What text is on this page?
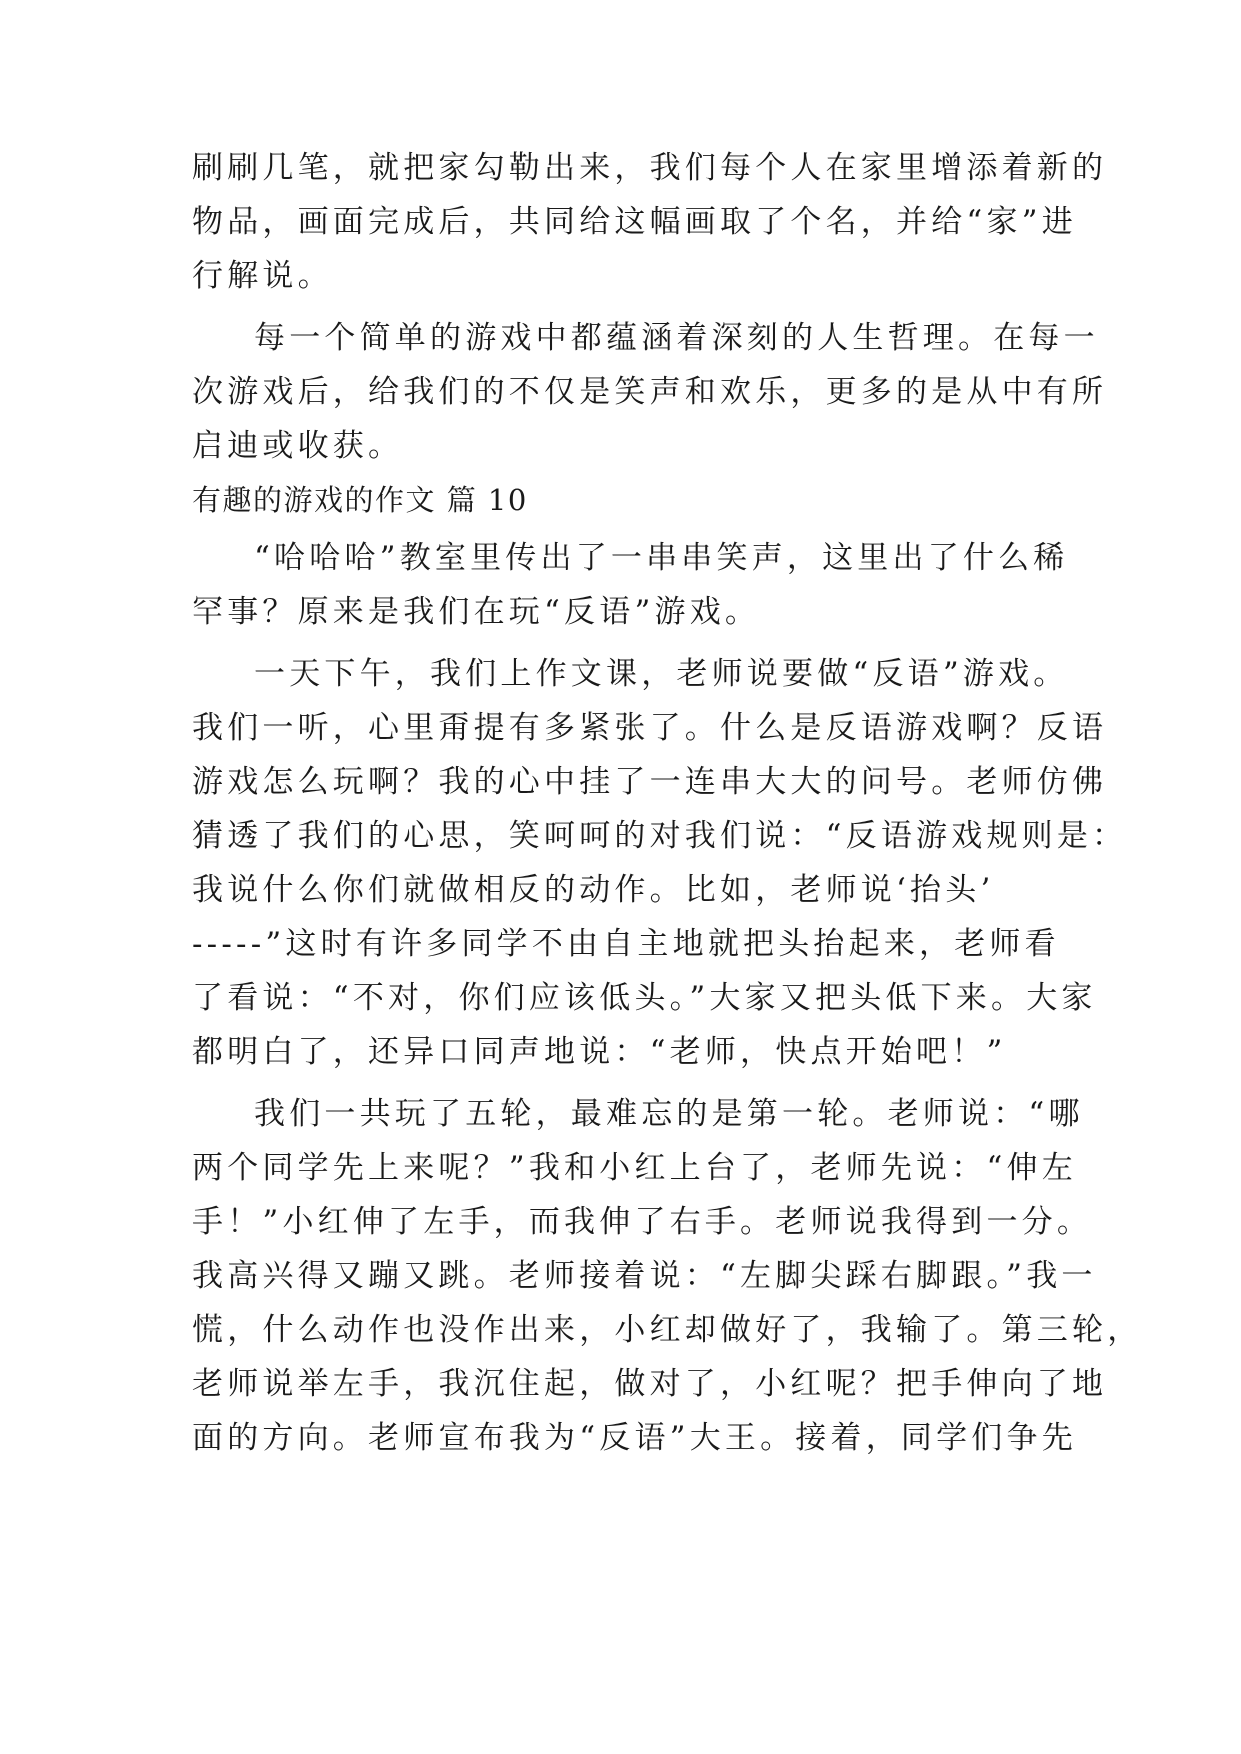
刷刷几笔，就把家勾勒出来，我们每个人在家里增添着新的
物品，画面完成后，共同给这幅画取了个名，并给“家”进
行解说。
每一个简单的游戏中都蕴涵着深刻的人生哲理。在每一
次游戏后，给我们的不仅是笑声和欢乐，更多的是从中有所
启迪或收获。
有趣的游戏的作文 篇 10
“哈哈哈”教室里传出了一串串笑声，这里出了什么稀
罕事？原来是我们在玩“反语”游戏。
一天下午，我们上作文课，老师说要做“反语”游戏。
我们一听，心里甭提有多紧张了。什么是反语游戏啊？反语
游戏怎么玩啊？我的心中挂了一连串大大的问号。老师仿佛
猜透了我们的心思，笑呵呵的对我们说：“反语游戏规则是：
我说什么你们就做相反的动作。比如，老师说‘抬头’
-----”这时有许多同学不由自主地就把头抬起来，老师看
了看说：“不对，你们应该低头。”大家又把头低下来。大家
都明白了，还异口同声地说：“老师，快点开始吧！”
我们一共玩了五轮，最难忘的是第一轮。老师说：“哪
两个同学先上来呢？”我和小红上台了，老师先说：“伸左
手！”小红伸了左手，而我伸了右手。老师说我得到一分。
我高兴得又蹦又跳。老师接着说：“左脚尖踩右脚跟。”我一
慌，什么动作也没作出来，小红却做好了，我输了。第三轮，
老师说举左手，我沉住起，做对了，小红呢？把手伸向了地
面的方向。老师宣布我为“反语”大王。接着，同学们争先
